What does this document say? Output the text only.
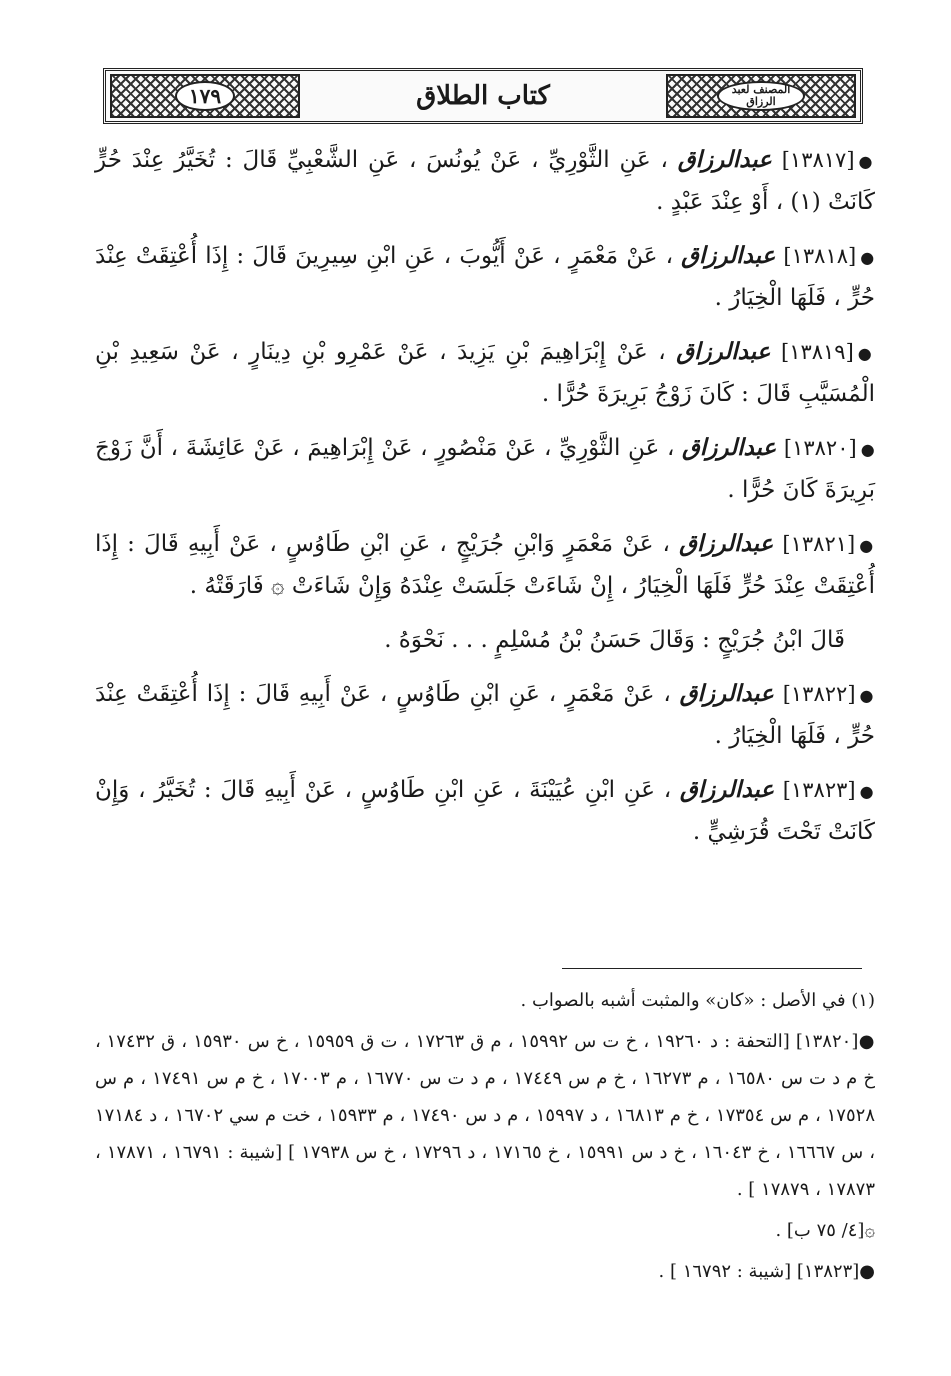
١٧٩	كتاب الطلاق	المصنف لعبد الرزاق

●[١٣٨١٧] عبدالرزاق ، عَنِ الثَّوْرِيِّ ، عَنْ يُونُسَ ، عَنِ الشَّعْبِيِّ قَالَ : تُخَيَّرُ عِنْدَ حُرٍّ كَانَتْ (١) ، أَوْ عِنْدَ عَبْدٍ .

●[١٣٨١٨] عبدالرزاق ، عَنْ مَعْمَرٍ ، عَنْ أَيُّوبَ ، عَنِ ابْنِ سِيرِينَ قَالَ : إِذَا أُعْتِقَتْ عِنْدَ حُرٍّ ، فَلَهَا الْخِيَارُ .

●[١٣٨١٩] عبدالرزاق ، عَنْ إِبْرَاهِيمَ بْنِ يَزِيدَ ، عَنْ عَمْرِو بْنِ دِينَارٍ ، عَنْ سَعِيدِ بْنِ الْمُسَيَّبِ قَالَ : كَانَ زَوْجُ بَرِيرَةَ حُرًّا .

●[١٣٨٢٠] عبدالرزاق ، عَنِ الثَّوْرِيِّ ، عَنْ مَنْصُورٍ ، عَنْ إِبْرَاهِيمَ ، عَنْ عَائِشَةَ ، أَنَّ زَوْجَ بَرِيرَةَ كَانَ حُرًّا .

●[١٣٨٢١] عبدالرزاق ، عَنْ مَعْمَرٍ وَابْنِ جُرَيْجٍ ، عَنِ ابْنِ طَاوُسٍ ، عَنْ أَبِيهِ قَالَ : إِذَا أُعْتِقَتْ عِنْدَ حُرٍّ فَلَهَا الْخِيَارُ ، إِنْ شَاءَتْ جَلَسَتْ عِنْدَهُ وَإِنْ شَاءَتْ ۞ فَارَقَتْهُ .

قَالَ ابْنُ جُرَيْجٍ : وَقَالَ حَسَنُ بْنُ مُسْلِمٍ . . . نَحْوَهُ .

●[١٣٨٢٢] عبدالرزاق ، عَنْ مَعْمَرٍ ، عَنِ ابْنِ طَاوُسٍ ، عَنْ أَبِيهِ قَالَ : إِذَا أُعْتِقَتْ عِنْدَ حُرٍّ ، فَلَهَا الْخِيَارُ .

●[١٣٨٢٣] عبدالرزاق ، عَنِ ابْنِ عُيَيْنَةَ ، عَنِ ابْنِ طَاوُسٍ ، عَنْ أَبِيهِ قَالَ : تُخَيَّرُ ، وَإِنْ كَانَتْ تَحْتَ قُرَشِيٍّ .

(١) في الأصل : «كان» والمثبت أشبه بالصواب .

●[١٣٨٢٠] [التحفة : د ١٩٢٦٠ ، خ ت س ١٥٩٩٢ ، م ق ١٧٢٦٣ ، ت ق ١٥٩٥٩ ، خ س ١٥٩٣٠ ، ق ١٧٤٣٢ ، خ م د ت س ١٦٥٨٠ ، م ١٦٢٧٣ ، خ م س ١٧٤٤٩ ، م د ت س ١٦٧٧٠ ، م ١٧٠٠٣ ، خ م س ١٧٤٩١ ، م س ١٧٥٢٨ ، م س ١٧٣٥٤ ، خ م ١٦٨١٣ ، د ١٥٩٩٧ ، م د س ١٧٤٩٠ ، م ١٥٩٣٣ ، خت م سي ١٦٧٠٢ ، د ١٧١٨٤ ، س ١٦٦٦٧ ، خ ١٦٠٤٣ ، خ د س ١٥٩٩١ ، خ ١٧١٦٥ ، د ١٧٢٩٦ ، خ س ١٧٩٣٨ ] [شيبة : ١٦٧٩١ ، ١٧٨٧١ ، ١٧٨٧٣ ، ١٧٨٧٩ ] .

۞[٤/ ٧٥ ب] .

●[١٣٨٢٣] [شيبة : ١٦٧٩٢ ] .
